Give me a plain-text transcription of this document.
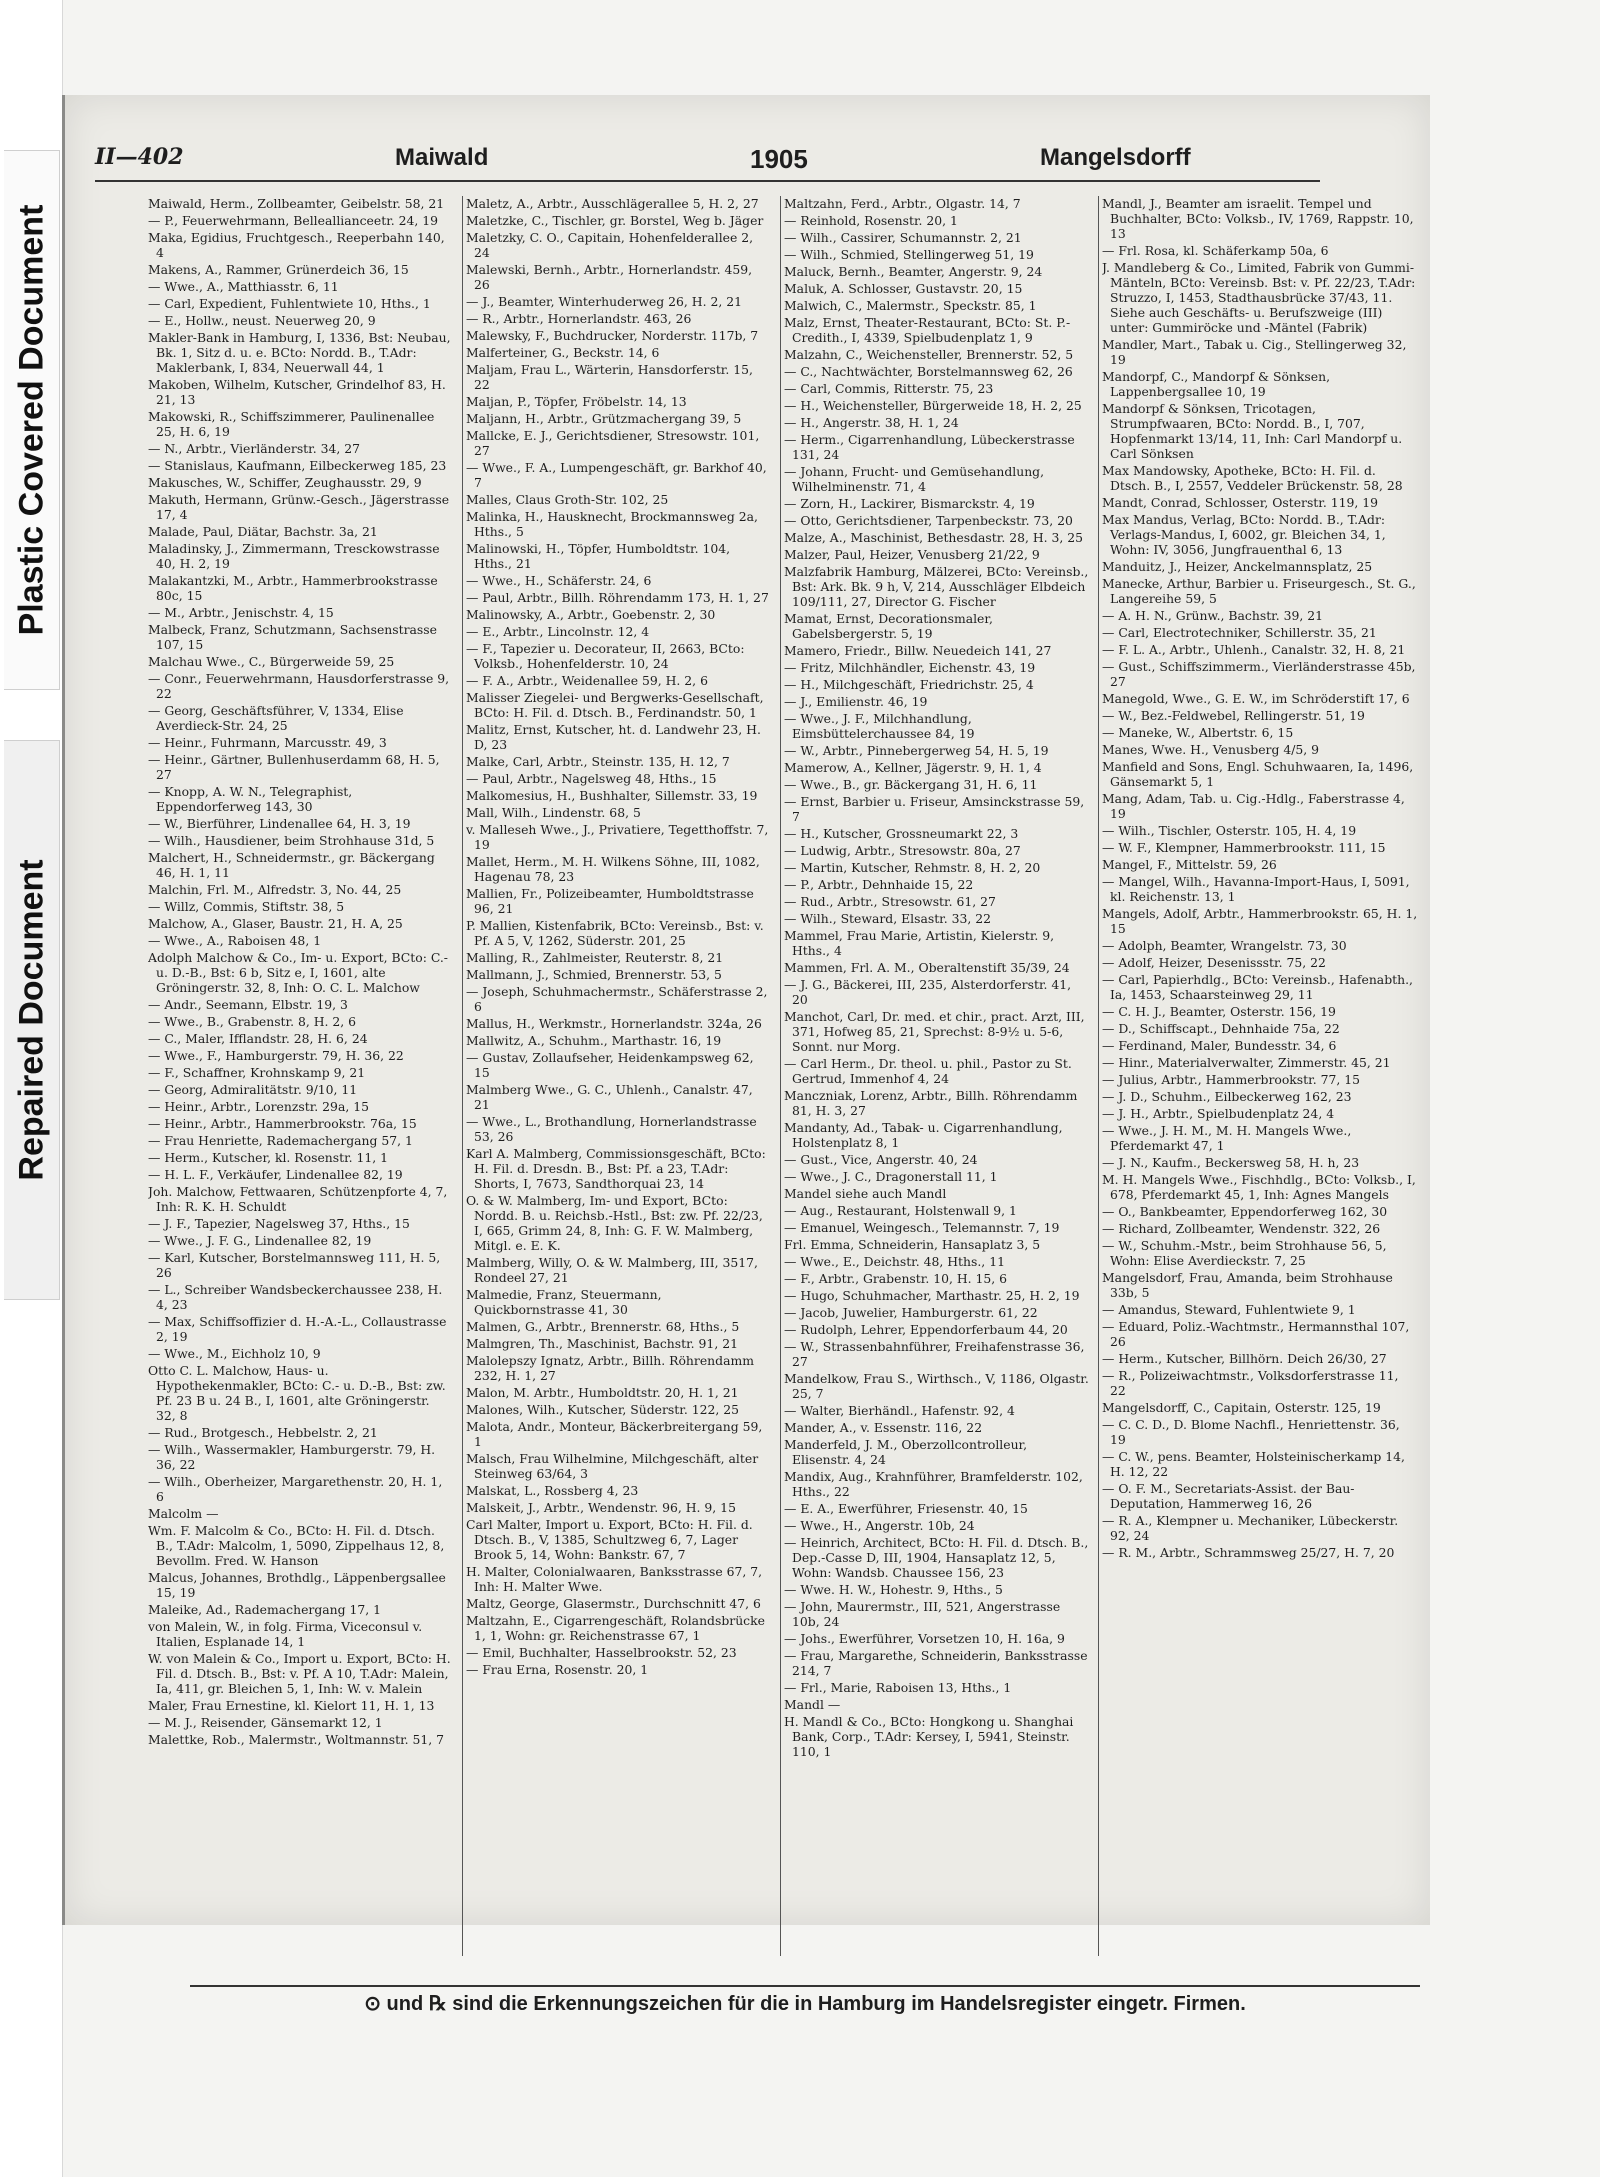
Plastic Covered Document
Repaired Document
II—402	Maiwald	1905	Mangelsdorff
Maiwald, Herm., Zollbeamter, Geibelstr. 58, 21
— P., Feuerwehrmann, Belleallianceetr. 24, 19
Maka, Egidius, Fruchtgesch., Reeperbahn 140, 4
Makens, A., Rammer, Grünerdeich 36, 15
— Wwe., A., Matthiasstr. 6, 11
— Carl, Expedient, Fuhlentwiete 10, Hths., 1
— E., Hollw., neust. Neuerweg 20, 9
Makler-Bank in Hamburg, I, 1336, Bst: Neubau, Bk. 1, Sitz d. u. e. BCto: Nordd. B., T.Adr: Maklerbank, I, 834, Neuerwall 44, 1
Makoben, Wilhelm, Kutscher, Grindelhof 83, H. 21, 13
Makowski, R., Schiffszimmerer, Paulinenallee 25, H. 6, 19
— N., Arbtr., Vierländerstr. 34, 27
— Stanislaus, Kaufmann, Eilbeckerweg 185, 23
Makusches, W., Schiffer, Zeughausstr. 29, 9
Makuth, Hermann, Grünw.-Gesch., Jägerstrasse 17, 4
Malade, Paul, Diätar, Bachstr. 3a, 21
Maladinsky, J., Zimmermann, Tresckowstrasse 40, H. 2, 19
Malakantzki, M., Arbtr., Hammerbrookstrasse 80c, 15
— M., Arbtr., Jenischstr. 4, 15
Malbeck, Franz, Schutzmann, Sachsenstrasse 107, 15
Malchau Wwe., C., Bürgerweide 59, 25
— Conr., Feuerwehrmann, Hausdorferstrasse 9, 22
— Georg, Geschäftsführer, V, 1334, Elise Averdieck-Str. 24, 25
— Heinr., Fuhrmann, Marcusstr. 49, 3
— Heinr., Gärtner, Bullenhuserdamm 68, H. 5, 27
— Knopp, A. W. N., Telegraphist, Eppendorferweg 143, 30
— W., Bierführer, Lindenallee 64, H. 3, 19
— Wilh., Hausdiener, beim Strohhause 31d, 5
Malchert, H., Schneidermstr., gr. Bäckergang 46, H. 1, 11
Malchin, Frl. M., Alfredstr. 3, No. 44, 25
— Willz, Commis, Stiftstr. 38, 5
Malchow, A., Glaser, Baustr. 21, H. A, 25
— Wwe., A., Raboisen 48, 1
Adolph Malchow & Co., Im- u. Export, BCto: C.- u. D.-B., Bst: 6 b, Sitz e, I, 1601, alte Gröningerstr. 32, 8, Inh: O. C. L. Malchow
— Andr., Seemann, Elbstr. 19, 3
— Wwe., B., Grabenstr. 8, H. 2, 6
— C., Maler, Ifflandstr. 28, H. 6, 24
— Wwe., F., Hamburgerstr. 79, H. 36, 22
— F., Schaffner, Krohnskamp 9, 21
— Georg, Admiralitätstr. 9/10, 11
— Heinr., Arbtr., Lorenzstr. 29a, 15
— Heinr., Arbtr., Hammerbrookstr. 76a, 15
— Frau Henriette, Rademachergang 57, 1
— Herm., Kutscher, kl. Rosenstr. 11, 1
— H. L. F., Verkäufer, Lindenallee 82, 19
Joh. Malchow, Fettwaaren, Schützenpforte 4, 7, Inh: R. K. H. Schuldt
— J. F., Tapezier, Nagelsweg 37, Hths., 15
— Wwe., J. F. G., Lindenallee 82, 19
— Karl, Kutscher, Borstelmannsweg 111, H. 5, 26
— L., Schreiber Wandsbeckerchaussee 238, H. 4, 23
— Max, Schiffsoffizier d. H.-A.-L., Collaustrasse 2, 19
— Wwe., M., Eichholz 10, 9
Otto C. L. Malchow, Haus- u. Hypothekenmakler, BCto: C.- u. D.-B., Bst: zw. Pf. 23 B u. 24 B., I, 1601, alte Gröningerstr. 32, 8
— Rud., Brotgesch., Hebbelstr. 2, 21
— Wilh., Wassermakler, Hamburgerstr. 79, H. 36, 22
— Wilh., Oberheizer, Margarethenstr. 20, H. 1, 6
Malcolm —
Wm. F. Malcolm & Co., BCto: H. Fil. d. Dtsch. B., T.Adr: Malcolm, 1, 5090, Zippelhaus 12, 8, Bevollm. Fred. W. Hanson
Malcus, Johannes, Brothdlg., Läppenbergsallee 15, 19
Maleike, Ad., Rademachergang 17, 1
von Malein, W., in folg. Firma, Viceconsul v. Italien, Esplanade 14, 1
W. von Malein & Co., Import u. Export, BCto: H. Fil. d. Dtsch. B., Bst: v. Pf. A 10, T.Adr: Malein, Ia, 411, gr. Bleichen 5, 1, Inh: W. v. Malein
Maler, Frau Ernestine, kl. Kielort 11, H. 1, 13
— M. J., Reisender, Gänsemarkt 12, 1
Malettke, Rob., Malermstr., Woltmannstr. 51, 7
Maletz, A., Arbtr., Ausschlägerallee 5, H. 2, 27
Maletzke, C., Tischler, gr. Borstel, Weg b. Jäger
Maletzky, C. O., Capitain, Hohenfelderallee 2, 24
Malewski, Bernh., Arbtr., Hornerlandstr. 459, 26
— J., Beamter, Winterhuderweg 26, H. 2, 21
— R., Arbtr., Hornerlandstr. 463, 26
Malewsky, F., Buchdrucker, Norderstr. 117b, 7
Malferteiner, G., Beckstr. 14, 6
Maljam, Frau L., Wärterin, Hansdorferstr. 15, 22
Maljan, P., Töpfer, Fröbelstr. 14, 13
Maljann, H., Arbtr., Grützmachergang 39, 5
Mallcke, E. J., Gerichtsdiener, Stresowstr. 101, 27
— Wwe., F. A., Lumpengeschäft, gr. Barkhof 40, 7
Malles, Claus Groth-Str. 102, 25
Malinka, H., Hausknecht, Brockmannsweg 2a, Hths., 5
Malinowski, H., Töpfer, Humboldtstr. 104, Hths., 21
— Wwe., H., Schäferstr. 24, 6
— Paul, Arbtr., Billh. Röhrendamm 173, H. 1, 27
Malinowsky, A., Arbtr., Goebenstr. 2, 30
— E., Arbtr., Lincolnstr. 12, 4
— F., Tapezier u. Decorateur, II, 2663, BCto: Volksb., Hohenfelderstr. 10, 24
— F. A., Arbtr., Weidenallee 59, H. 2, 6
Malisser Ziegelei- und Bergwerks-Gesellschaft, BCto: H. Fil. d. Dtsch. B., Ferdinandstr. 50, 1
Malitz, Ernst, Kutscher, ht. d. Landwehr 23, H. D, 23
Malke, Carl, Arbtr., Steinstr. 135, H. 12, 7
— Paul, Arbtr., Nagelsweg 48, Hths., 15
Malkomesius, H., Bushhalter, Sillemstr. 33, 19
Mall, Wilh., Lindenstr. 68, 5
v. Malleseh Wwe., J., Privatiere, Tegetthoffstr. 7, 19
Mallet, Herm., M. H. Wilkens Söhne, III, 1082, Hagenau 78, 23
Mallien, Fr., Polizeibeamter, Humboldtstrasse 96, 21
P. Mallien, Kistenfabrik, BCto: Vereinsb., Bst: v. Pf. A 5, V, 1262, Süderstr. 201, 25
Malling, R., Zahlmeister, Reuterstr. 8, 21
Mallmann, J., Schmied, Brennerstr. 53, 5
— Joseph, Schuhmachermstr., Schäferstrasse 2, 6
Mallus, H., Werkmstr., Hornerlandstr. 324a, 26
Mallwitz, A., Schuhm., Marthastr. 16, 19
— Gustav, Zollaufseher, Heidenkampsweg 62, 15
Malmberg Wwe., G. C., Uhlenh., Canalstr. 47, 21
— Wwe., L., Brothandlung, Hornerlandstrasse 53, 26
Karl A. Malmberg, Commissionsgeschäft, BCto: H. Fil. d. Dresdn. B., Bst: Pf. a 23, T.Adr: Shorts, I, 7673, Sandthorquai 23, 14
O. & W. Malmberg, Im- und Export, BCto: Nordd. B. u. Reichsb.-Hstl., Bst: zw. Pf. 22/23, I, 665, Grimm 24, 8, Inh: G. F. W. Malmberg, Mitgl. e. E. K.
Malmberg, Willy, O. & W. Malmberg, III, 3517, Rondeel 27, 21
Malmedie, Franz, Steuermann, Quickbornstrasse 41, 30
Malmen, G., Arbtr., Brennerstr. 68, Hths., 5
Malmgren, Th., Maschinist, Bachstr. 91, 21
Malolepszy Ignatz, Arbtr., Billh. Röhrendamm 232, H. 1, 27
Malon, M. Arbtr., Humboldtstr. 20, H. 1, 21
Malones, Wilh., Kutscher, Süderstr. 122, 25
Malota, Andr., Monteur, Bäckerbreitergang 59, 1
Malsch, Frau Wilhelmine, Milchgeschäft, alter Steinweg 63/64, 3
Malskat, L., Rossberg 4, 23
Malskeit, J., Arbtr., Wendenstr. 96, H. 9, 15
Carl Malter, Import u. Export, BCto: H. Fil. d. Dtsch. B., V, 1385, Schultzweg 6, 7, Lager Brook 5, 14, Wohn: Bankstr. 67, 7
H. Malter, Colonialwaaren, Banksstrasse 67, 7, Inh: H. Malter Wwe.
Maltz, George, Glasermstr., Durchschnitt 47, 6
Maltzahn, E., Cigarrengeschäft, Rolandsbrücke 1, 1, Wohn: gr. Reichenstrasse 67, 1
— Emil, Buchhalter, Hasselbrookstr. 52, 23
— Frau Erna, Rosenstr. 20, 1
Maltzahn, Ferd., Arbtr., Olgastr. 14, 7
— Reinhold, Rosenstr. 20, 1
— Wilh., Cassirer, Schumannstr. 2, 21
— Wilh., Schmied, Stellingerweg 51, 19
Maluck, Bernh., Beamter, Angerstr. 9, 24
Maluk, A. Schlosser, Gustavstr. 20, 15
Malwich, C., Malermstr., Speckstr. 85, 1
Malz, Ernst, Theater-Restaurant, BCto: St. P.-Credith., I, 4339, Spielbudenplatz 1, 9
Malzahn, C., Weichensteller, Brennerstr. 52, 5
— C., Nachtwächter, Borstelmannsweg 62, 26
— Carl, Commis, Ritterstr. 75, 23
— H., Weichensteller, Bürgerweide 18, H. 2, 25
— H., Angerstr. 38, H. 1, 24
— Herm., Cigarrenhandlung, Lübeckerstrasse 131, 24
— Johann, Frucht- und Gemüsehandlung, Wilhelminenstr. 71, 4
— Zorn, H., Lackirer, Bismarckstr. 4, 19
— Otto, Gerichtsdiener, Tarpenbeckstr. 73, 20
Malze, A., Maschinist, Bethesdastr. 28, H. 3, 25
Malzer, Paul, Heizer, Venusberg 21/22, 9
Malzfabrik Hamburg, Mälzerei, BCto: Vereinsb., Bst: Ark. Bk. 9 h, V, 214, Ausschläger Elbdeich 109/111, 27, Director G. Fischer
Mamat, Ernst, Decorationsmaler, Gabelsbergerstr. 5, 19
Mamero, Friedr., Billw. Neuedeich 141, 27
— Fritz, Milchhändler, Eichenstr. 43, 19
— H., Milchgeschäft, Friedrichstr. 25, 4
— J., Emilienstr. 46, 19
— Wwe., J. F., Milchhandlung, Eimsbüttelerchaussee 84, 19
— W., Arbtr., Pinnebergerweg 54, H. 5, 19
Mamerow, A., Kellner, Jägerstr. 9, H. 1, 4
— Wwe., B., gr. Bäckergang 31, H. 6, 11
— Ernst, Barbier u. Friseur, Amsinckstrasse 59, 7
— H., Kutscher, Grossneumarkt 22, 3
— Ludwig, Arbtr., Stresowstr. 80a, 27
— Martin, Kutscher, Rehmstr. 8, H. 2, 20
— P., Arbtr., Dehnhaide 15, 22
— Rud., Arbtr., Stresowstr. 61, 27
— Wilh., Steward, Elsastr. 33, 22
Mammel, Frau Marie, Artistin, Kielerstr. 9, Hths., 4
Mammen, Frl. A. M., Oberaltenstift 35/39, 24
— J. G., Bäckerei, III, 235, Alsterdorferstr. 41, 20
Manchot, Carl, Dr. med. et chir., pract. Arzt, III, 371, Hofweg 85, 21, Sprechst: 8-9½ u. 5-6, Sonnt. nur Morg.
— Carl Herm., Dr. theol. u. phil., Pastor zu St. Gertrud, Immenhof 4, 24
Manczniak, Lorenz, Arbtr., Billh. Röhrendamm 81, H. 3, 27
Mandanty, Ad., Tabak- u. Cigarrenhandlung, Holstenplatz 8, 1
— Gust., Vice, Angerstr. 40, 24
— Wwe., J. C., Dragonerstall 11, 1
Mandel siehe auch Mandl
— Aug., Restaurant, Holstenwall 9, 1
— Emanuel, Weingesch., Telemannstr. 7, 19
Frl. Emma, Schneiderin, Hansaplatz 3, 5
— Wwe., E., Deichstr. 48, Hths., 11
— F., Arbtr., Grabenstr. 10, H. 15, 6
— Hugo, Schuhmacher, Marthastr. 25, H. 2, 19
— Jacob, Juwelier, Hamburgerstr. 61, 22
— Rudolph, Lehrer, Eppendorferbaum 44, 20
— W., Strassenbahnführer, Freihafenstrasse 36, 27
Mandelkow, Frau S., Wirthsch., V, 1186, Olgastr. 25, 7
— Walter, Bierhändl., Hafenstr. 92, 4
Mander, A., v. Essenstr. 116, 22
Manderfeld, J. M., Oberzollcontrolleur, Elisenstr. 4, 24
Mandix, Aug., Krahnführer, Bramfelderstr. 102, Hths., 22
— E. A., Ewerführer, Friesenstr. 40, 15
— Wwe., H., Angerstr. 10b, 24
— Heinrich, Architect, BCto: H. Fil. d. Dtsch. B., Dep.-Casse D, III, 1904, Hansaplatz 12, 5, Wohn: Wandsb. Chaussee 156, 23
— Wwe. H. W., Hohestr. 9, Hths., 5
— John, Maurermstr., III, 521, Angerstrasse 10b, 24
— Johs., Ewerführer, Vorsetzen 10, H. 16a, 9
— Frau, Margarethe, Schneiderin, Banksstrasse 214, 7
— Frl., Marie, Raboisen 13, Hths., 1
Mandl —
H. Mandl & Co., BCto: Hongkong u. Shanghai Bank, Corp., T.Adr: Kersey, I, 5941, Steinstr. 110, 1
Mandl, J., Beamter am israelit. Tempel und Buchhalter, BCto: Volksb., IV, 1769, Rappstr. 10, 13
— Frl. Rosa, kl. Schäferkamp 50a, 6
J. Mandleberg & Co., Limited, Fabrik von Gummi-Mänteln, BCto: Vereinsb. Bst: v. Pf. 22/23, T.Adr: Struzzo, I, 1453, Stadthausbrücke 37/43, 11. Siehe auch Geschäfts- u. Berufszweige (III) unter: Gummiröcke und -Mäntel (Fabrik)
Mandler, Mart., Tabak u. Cig., Stellingerweg 32, 19
Mandorpf, C., Mandorpf & Sönksen, Lappenbergsallee 10, 19
Mandorpf & Sönksen, Tricotagen, Strumpfwaaren, BCto: Nordd. B., I, 707, Hopfenmarkt 13/14, 11, Inh: Carl Mandorpf u. Carl Sönksen
Max Mandowsky, Apotheke, BCto: H. Fil. d. Dtsch. B., I, 2557, Veddeler Brückenstr. 58, 28
Mandt, Conrad, Schlosser, Osterstr. 119, 19
Max Mandus, Verlag, BCto: Nordd. B., T.Adr: Verlags-Mandus, I, 6002, gr. Bleichen 34, 1, Wohn: IV, 3056, Jungfrauenthal 6, 13
Manduitz, J., Heizer, Anckelmannsplatz, 25
Manecke, Arthur, Barbier u. Friseurgesch., St. G., Langereihe 59, 5
— A. H. N., Grünw., Bachstr. 39, 21
— Carl, Electrotechniker, Schillerstr. 35, 21
— F. L. A., Arbtr., Uhlenh., Canalstr. 32, H. 8, 21
— Gust., Schiffszimmerm., Vierländerstrasse 45b, 27
Manegold, Wwe., G. E. W., im Schröderstift 17, 6
— W., Bez.-Feldwebel, Rellingerstr. 51, 19
— Maneke, W., Albertstr. 6, 15
Manes, Wwe. H., Venusberg 4/5, 9
Manfield and Sons, Engl. Schuhwaaren, Ia, 1496, Gänsemarkt 5, 1
Mang, Adam, Tab. u. Cig.-Hdlg., Faberstrasse 4, 19
— Wilh., Tischler, Osterstr. 105, H. 4, 19
— W. F., Klempner, Hammerbrookstr. 111, 15
Mangel, F., Mittelstr. 59, 26
— Mangel, Wilh., Havanna-Import-Haus, I, 5091, kl. Reichenstr. 13, 1
Mangels, Adolf, Arbtr., Hammerbrookstr. 65, H. 1, 15
— Adolph, Beamter, Wrangelstr. 73, 30
— Adolf, Heizer, Desenissstr. 75, 22
— Carl, Papierhdlg., BCto: Vereinsb., Hafenabth., Ia, 1453, Schaarsteinweg 29, 11
— C. H. J., Beamter, Osterstr. 156, 19
— D., Schiffscapt., Dehnhaide 75a, 22
— Ferdinand, Maler, Bundesstr. 34, 6
— Hinr., Materialverwalter, Zimmerstr. 45, 21
— Julius, Arbtr., Hammerbrookstr. 77, 15
— J. D., Schuhm., Eilbeckerweg 162, 23
— J. H., Arbtr., Spielbudenplatz 24, 4
— Wwe., J. H. M., M. H. Mangels Wwe., Pferdemarkt 47, 1
— J. N., Kaufm., Beckersweg 58, H. h, 23
M. H. Mangels Wwe., Fischhdlg., BCto: Volksb., I, 678, Pferdemarkt 45, 1, Inh: Agnes Mangels
— O., Bankbeamter, Eppendorferweg 162, 30
— Richard, Zollbeamter, Wendenstr. 322, 26
— W., Schuhm.-Mstr., beim Strohhause 56, 5, Wohn: Elise Averdieckstr. 7, 25
Mangelsdorf, Frau, Amanda, beim Strohhause 33b, 5
— Amandus, Steward, Fuhlentwiete 9, 1
— Eduard, Poliz.-Wachtmstr., Hermannsthal 107, 26
— Herm., Kutscher, Billhörn. Deich 26/30, 27
— R., Polizeiwachtmstr., Volksdorferstrasse 11, 22
Mangelsdorff, C., Capitain, Osterstr. 125, 19
— C. C. D., D. Blome Nachfl., Henriettenstr. 36, 19
— C. W., pens. Beamter, Holsteinischerkamp 14, H. 12, 22
— O. F. M., Secretariats-Assist. der Bau-Deputation, Hammerweg 16, 26
— R. A., Klempner u. Mechaniker, Lübeckerstr. 92, 24
— R. M., Arbtr., Schrammsweg 25/27, H. 7, 20
⊙ und ℞ sind die Erkennungszeichen für die in Hamburg im Handelsregister eingetr. Firmen.
